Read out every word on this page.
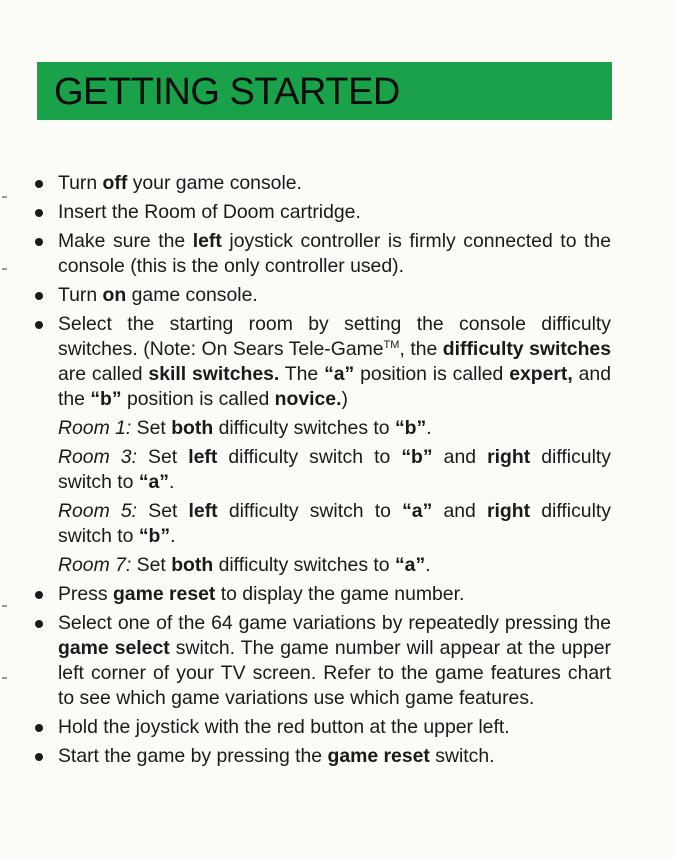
GETTING STARTED
Turn off your game console.
Insert the Room of Doom cartridge.
Make sure the left joystick controller is firmly connected to the console (this is the only controller used).
Turn on game console.
Select the starting room by setting the console difficulty switches. (Note: On Sears Tele-Game™, the difficulty switches are called skill switches. The “a” position is called expert, and the “b” position is called novice.)
Room 1: Set both difficulty switches to “b”.
Room 3: Set left difficulty switch to “b” and right difficulty switch to “a”.
Room 5: Set left difficulty switch to “a” and right difficulty switch to “b”.
Room 7: Set both difficulty switches to “a”.
Press game reset to display the game number.
Select one of the 64 game variations by repeatedly pressing the game select switch. The game number will appear at the upper left corner of your TV screen. Refer to the game features chart to see which game variations use which game features.
Hold the joystick with the red button at the upper left.
Start the game by pressing the game reset switch.
